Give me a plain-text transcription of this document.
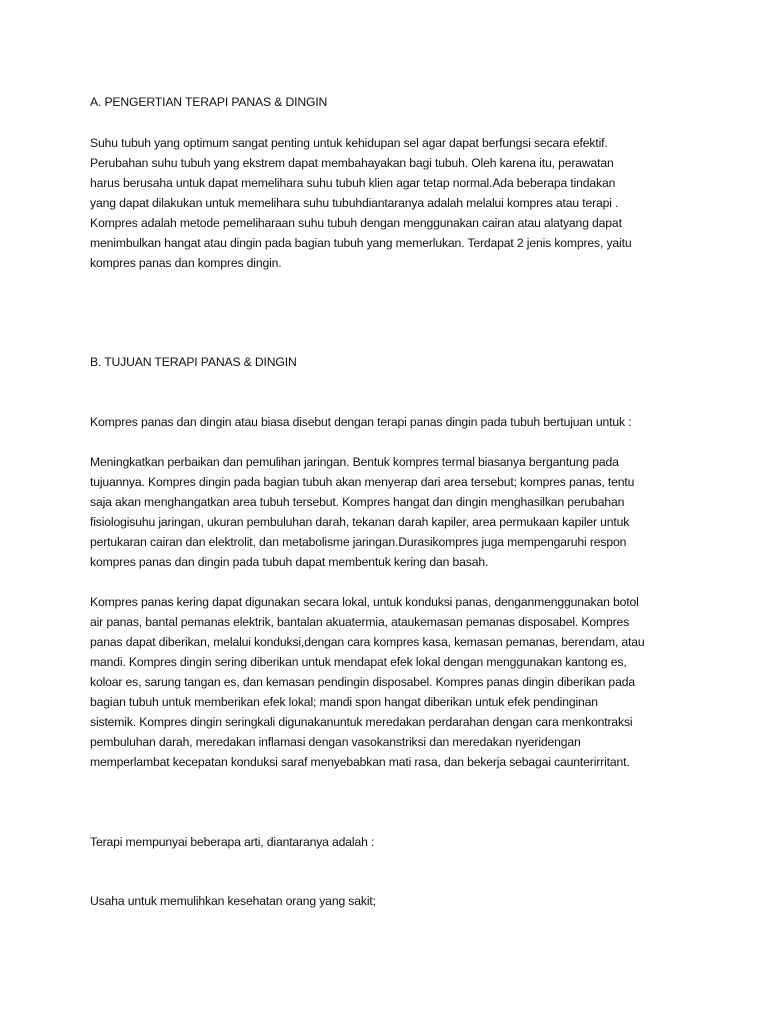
A. PENGERTIAN TERAPI PANAS & DINGIN
Suhu tubuh yang optimum sangat penting untuk kehidupan sel agar dapat berfungsi secara efektif.
Perubahan suhu tubuh yang ekstrem dapat membahayakan bagi tubuh. Oleh karena itu, perawatan
harus berusaha untuk dapat memelihara suhu tubuh klien agar tetap normal.Ada beberapa tindakan
yang dapat dilakukan untuk memelihara suhu tubuhdiantaranya adalah melalui kompres atau terapi .
Kompres adalah metode pemeliharaan suhu tubuh dengan menggunakan cairan atau alatyang dapat
menimbulkan hangat atau dingin pada bagian tubuh yang memerlukan. Terdapat 2 jenis kompres, yaitu
kompres panas dan kompres dingin.
B. TUJUAN TERAPI PANAS & DINGIN
Kompres panas dan dingin atau biasa disebut dengan terapi panas dingin pada tubuh bertujuan untuk :
Meningkatkan perbaikan dan pemulihan jaringan. Bentuk kompres termal biasanya bergantung pada
tujuannya. Kompres dingin pada bagian tubuh akan menyerap dari area tersebut; kompres panas, tentu
saja akan menghangatkan area tubuh tersebut. Kompres hangat dan dingin menghasilkan perubahan
fisiologisuhu jaringan, ukuran pembuluhan darah, tekanan darah kapiler, area permukaan kapiler untuk
pertukaran cairan dan elektrolit, dan metabolisme jaringan.Durasikompres juga mempengaruhi respon
kompres panas dan dingin pada tubuh dapat membentuk kering dan basah.
Kompres panas kering dapat digunakan secara lokal, untuk konduksi panas, denganmenggunakan botol
air panas, bantal pemanas elektrik, bantalan akuatermia, ataukemasan pemanas disposabel. Kompres
panas dapat diberikan, melalui konduksi,dengan cara kompres kasa, kemasan pemanas, berendam, atau
mandi. Kompres dingin sering diberikan untuk mendapat efek lokal dengan menggunakan kantong es,
koloar es, sarung tangan es, dan kemasan pendingin disposabel. Kompres panas dingin diberikan pada
bagian tubuh untuk memberikan efek lokal; mandi spon hangat diberikan untuk efek pendinginan
sistemik. Kompres dingin seringkali digunakanuntuk meredakan perdarahan dengan cara menkontraksi
pembuluhan darah, meredakan inflamasi dengan vasokanstriksi dan meredakan nyeridengan
memperlambat kecepatan konduksi saraf menyebabkan mati rasa, dan bekerja sebagai caunterirritant.
Terapi mempunyai beberapa arti, diantaranya adalah :
Usaha untuk memulihkan kesehatan orang yang sakit;
